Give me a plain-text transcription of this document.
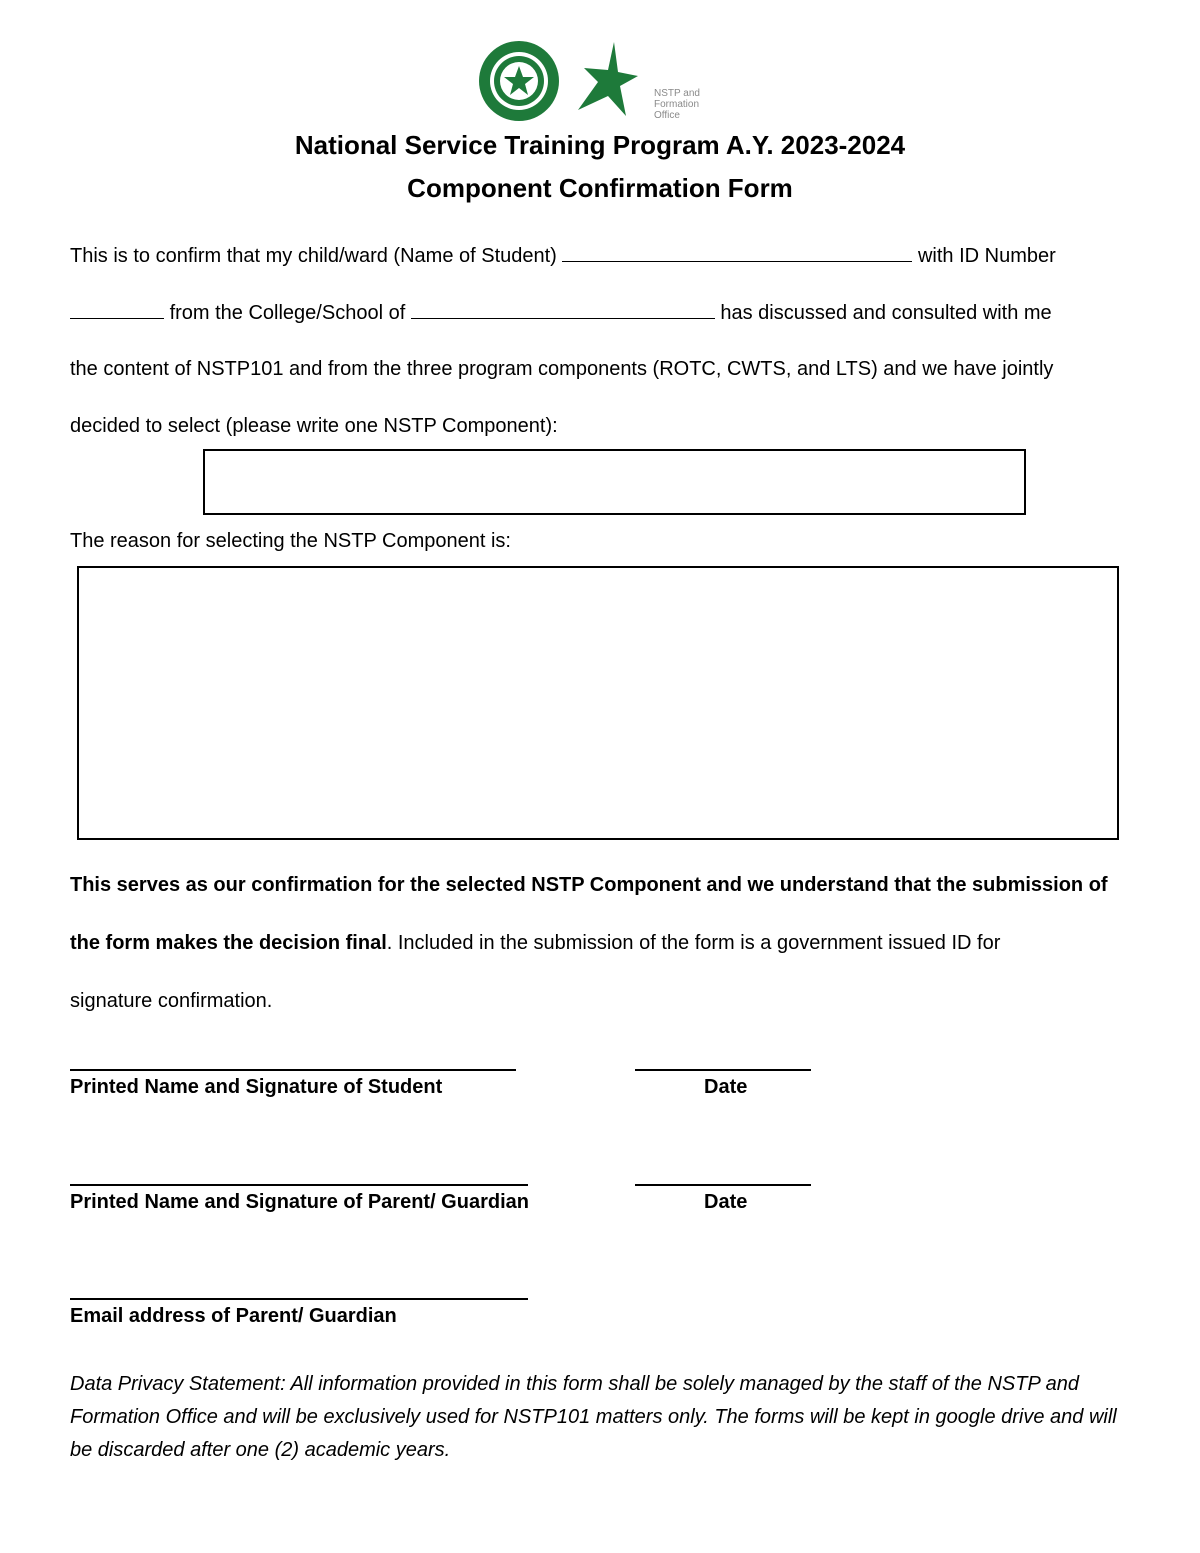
NSTP and
Formation
Office
National Service Training Program A.Y. 2023-2024
Component Confirmation Form
This is to confirm that my child/ward (Name of Student)	with ID Number
from the College/School of	has discussed and consulted with me
the content of NSTP101 and from the three program components (ROTC, CWTS, and LTS) and we have jointly
decided to select (please write one NSTP Component):
The reason for selecting the NSTP Component is:
This serves as our confirmation for the selected NSTP Component and we understand that the submission of
the form makes the decision final. Included in the submission of the form is a government issued ID for
signature confirmation.
Printed Name and Signature of Student	Date
Printed Name and Signature of Parent/ Guardian	Date
Email address of Parent/ Guardian
Data Privacy Statement: All information provided in this form shall be solely managed by the staff of the NSTP and Formation Office and will be exclusively used for NSTP101 matters only. The forms will be kept in google drive and will be discarded after one (2) academic years.
